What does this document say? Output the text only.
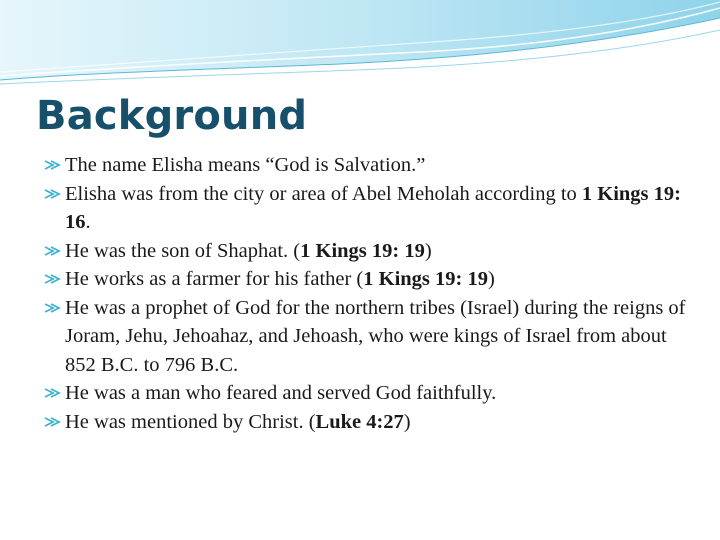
Background
The name Elisha means “God is Salvation.”
Elisha was from the city or area of Abel Meholah according to 1 Kings 19: 16.
He was the son of Shaphat. (1 Kings 19: 19)
He works as a farmer for his father (1 Kings 19: 19)
He was a prophet of God for the northern tribes (Israel) during the reigns of Joram, Jehu, Jehoahaz, and Jehoash, who were kings of Israel from about 852 B.C. to 796 B.C.
He was a man who feared and served God faithfully.
He was mentioned by Christ. (Luke 4:27)
